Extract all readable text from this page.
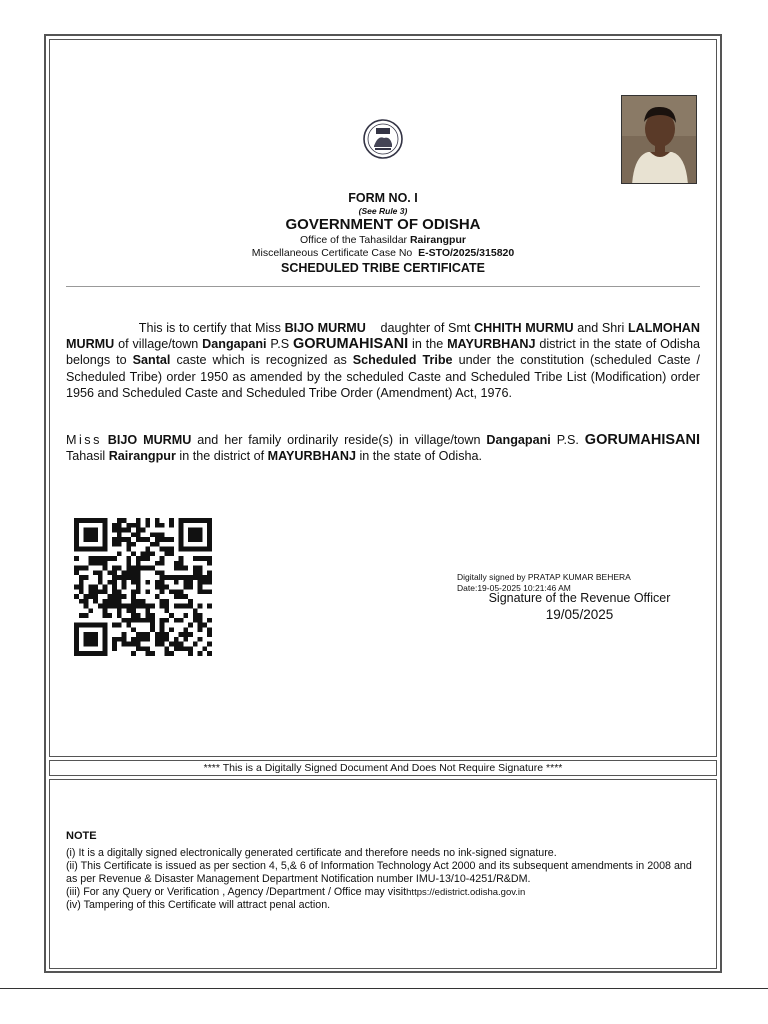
FORM NO. I
(See Rule 3)
GOVERNMENT OF ODISHA
Office of the Tahasildar Rairangpur
Miscellaneous Certificate Case No E-STO/2025/315820
SCHEDULED TRIBE CERTIFICATE
This is to certify that Miss BIJO MURMU daughter of Smt CHHITH MURMU and Shri LALMOHAN MURMU of village/town Dangapani P.S GORUMAHISANI in the MAYURBHANJ district in the state of Odisha belongs to Santal caste which is recognized as Scheduled Tribe under the constitution (scheduled Caste / Scheduled Tribe) order 1950 as amended by the scheduled Caste and Scheduled Tribe List (Modification) order 1956 and Scheduled Caste and Scheduled Tribe Order (Amendment) Act, 1976.
Miss BIJO MURMU and her family ordinarily reside(s) in village/town Dangapani P.S. GORUMAHISANI Tahasil Rairangpur in the district of MAYURBHANJ in the state of Odisha.
Digitally signed by PRATAP KUMAR BEHERA
Date:19-05-2025 10:21:46 AM
Signature of the Revenue Officer
19/05/2025
**** This is a Digitally Signed Document And Does Not Require Signature ****
NOTE
(i) It is a digitally signed electronically generated certificate and therefore needs no ink-signed signature.
(ii) This Certificate is issued as per section 4, 5,& 6 of Information Technology Act 2000 and its subsequent amendments in 2008 and as per Revenue & Disaster Management Department Notification number IMU-13/10-4251/R&DM.
(iii) For any Query or Verification , Agency /Department / Office may visithttps://edistrict.odisha.gov.in
(iv) Tampering of this Certificate will attract penal action.
